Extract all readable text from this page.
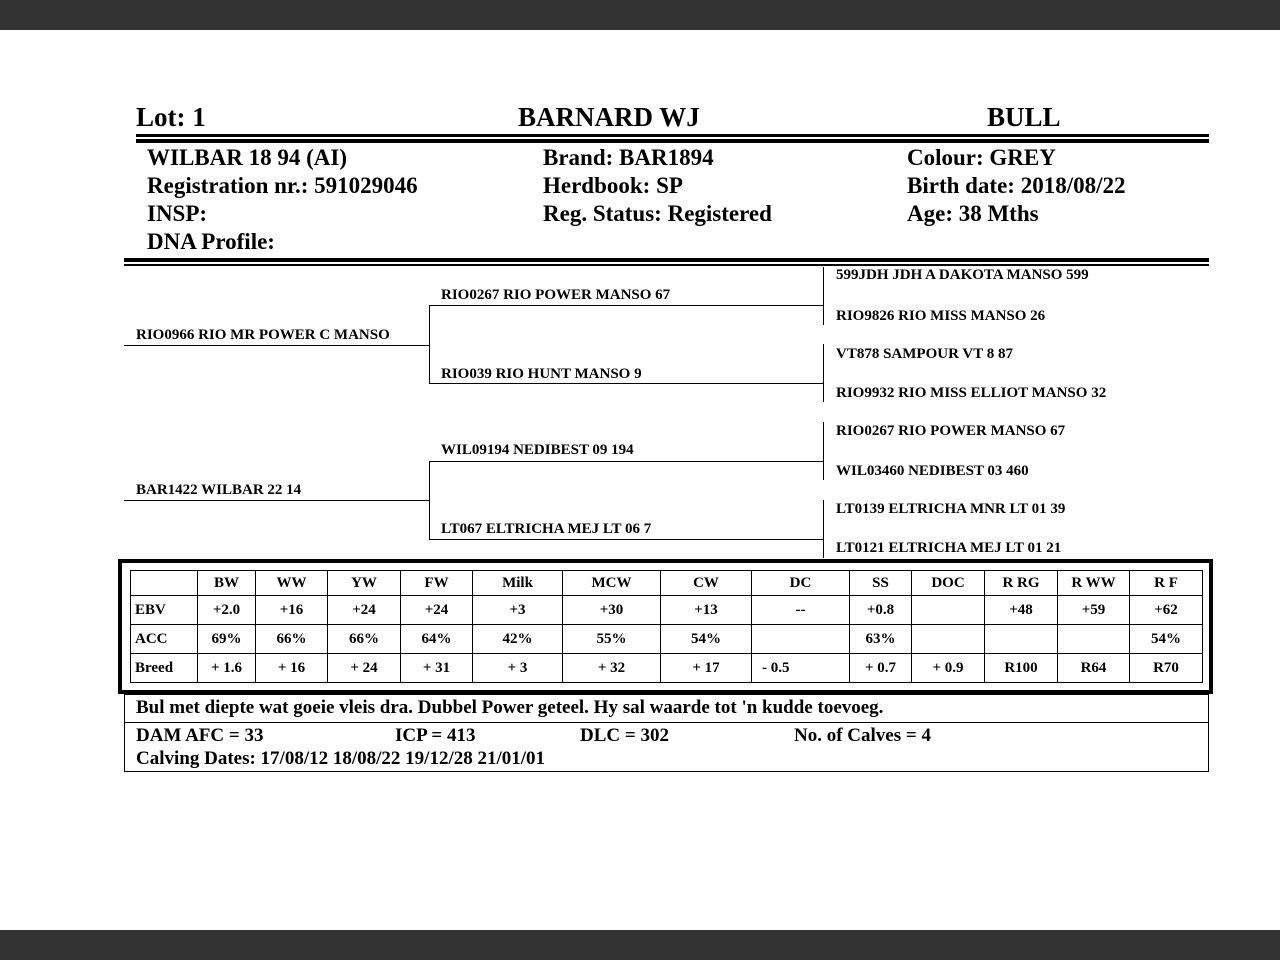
Lot: 1	BARNARD WJ	BULL
WILBAR 18 94 (AI)
Registration nr.: 591029046
INSP:
DNA Profile:
Brand: BAR1894
Herdbook: SP
Reg. Status: Registered
Colour: GREY
Birth date: 2018/08/22
Age: 38 Mths
RIO0966 RIO MR POWER C MANSO
BAR1422 WILBAR 22 14
RIO0267 RIO POWER MANSO 67
RIO039 RIO HUNT MANSO 9
WIL09194 NEDIBEST 09 194
LT067 ELTRICHA MEJ LT 06 7
599JDH JDH A DAKOTA MANSO 599
RIO9826 RIO MISS MANSO 26
VT878 SAMPOUR VT 8 87
RIO9932 RIO MISS ELLIOT MANSO 32
RIO0267 RIO POWER MANSO 67
WIL03460 NEDIBEST 03 460
LT0139 ELTRICHA MNR LT 01 39
LT0121 ELTRICHA MEJ LT 01 21
	BW	WW	YW	FW	Milk	MCW	CW	DC	SS	DOC	R RG	R WW	R F
EBV	+2.0	+16	+24	+24	+3	+30	+13	--	+0.8		+48	+59	+62
ACC	69%	66%	66%	64%	42%	55%	54%		63%				54%
Breed	+ 1.6	+ 16	+ 24	+ 31	+ 3	+ 32	+ 17	- 0.5	+ 0.7	+ 0.9	R100	R64	R70
Bul met diepte wat goeie vleis dra. Dubbel Power geteel. Hy sal waarde tot 'n kudde toevoeg.
DAM AFC = 33	ICP = 413	DLC = 302	No. of Calves = 4
Calving Dates: 17/08/12 18/08/22 19/12/28 21/01/01
